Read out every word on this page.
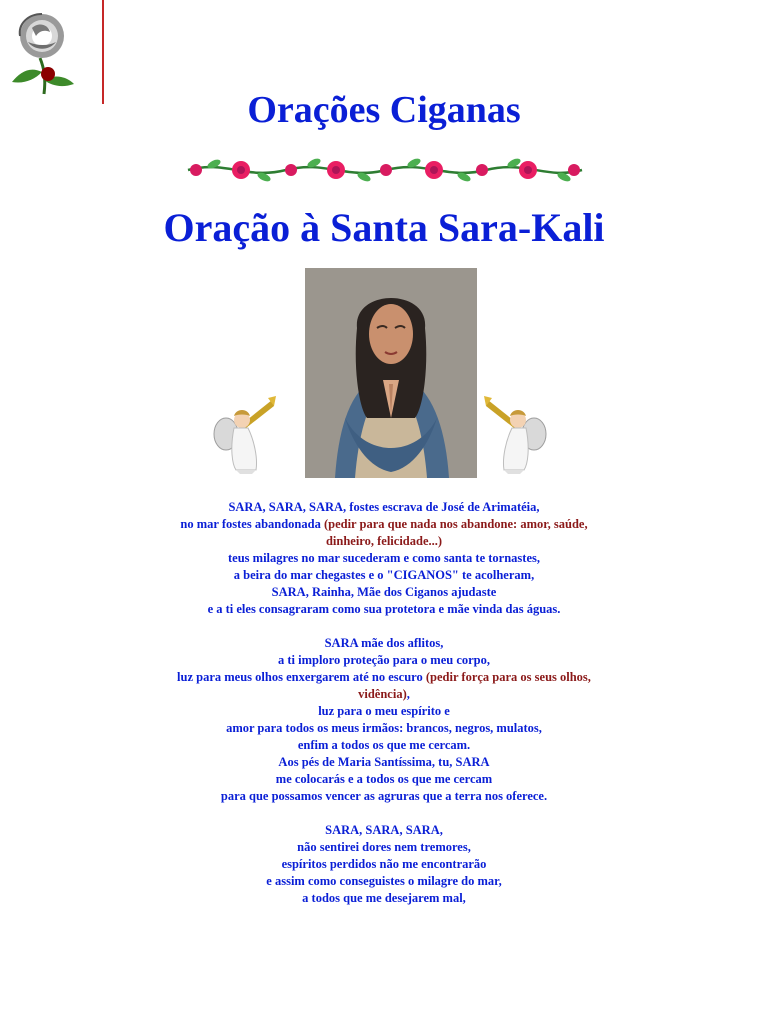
Orações Ciganas
Oração à Santa Sara-Kali
SARA, SARA, SARA, fostes escrava de José de Arimatéia,
no mar fostes abandonada (pedir para que nada nos abandone: amor, saúde,
dinheiro, felicidade...)
teus milagres no mar sucederam e como santa te tornastes,
a beira do mar chegastes e o "CIGANOS" te acolheram,
SARA, Rainha, Mãe dos Ciganos ajudaste
e a ti eles consagraram como sua protetora e mãe vinda das águas.
SARA mãe dos aflitos,
a ti imploro proteção para o meu corpo,
luz para meus olhos enxergarem até no escuro (pedir força para os seus olhos,
vidência),
luz para o meu espírito e
amor para todos os meus irmãos: brancos, negros, mulatos,
enfim a todos os que me cercam.
Aos pés de Maria Santíssima, tu, SARA
me colocarás e a todos os que me cercam
para que possamos vencer as agruras que a terra nos oferece.
SARA, SARA, SARA,
não sentirei dores nem tremores,
espíritos perdidos não me encontrarão
e assim como conseguistes o milagre do mar,
a todos que me desejarem mal,
